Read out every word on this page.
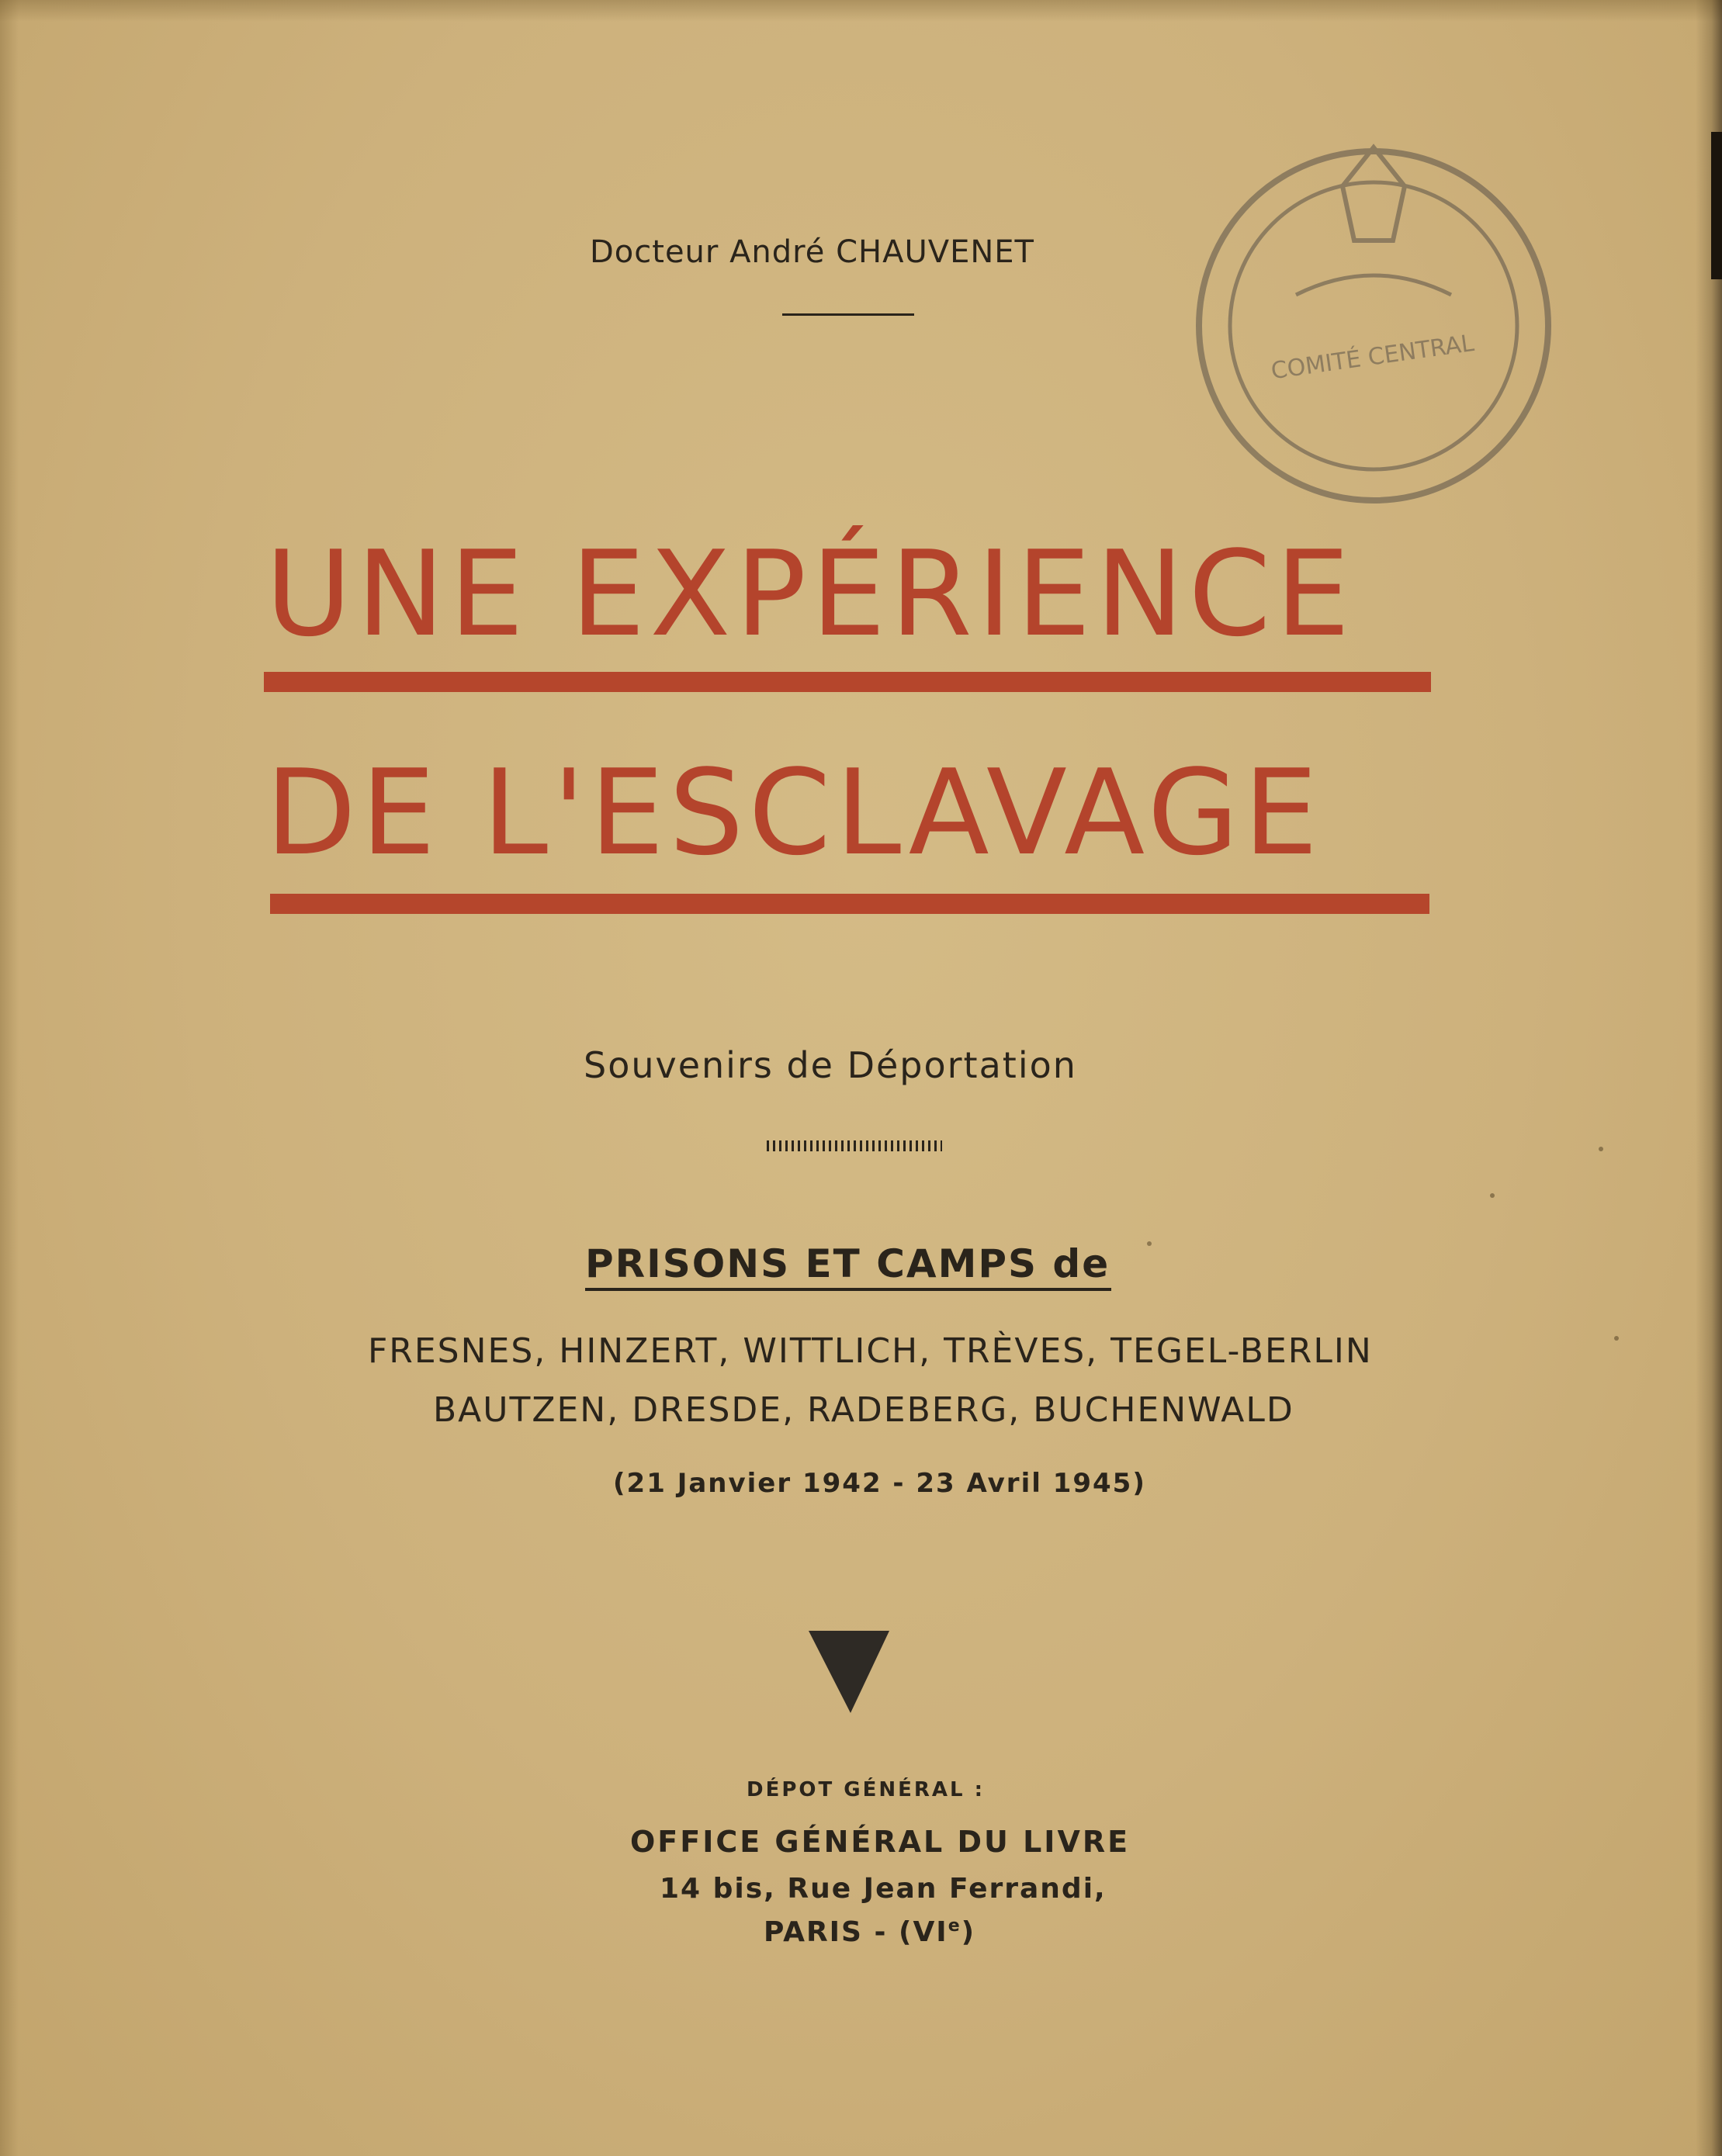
COMITÉ CENTRAL
Docteur André CHAUVENET
UNE EXPÉRIENCE
DE L'ESCLAVAGE
Souvenirs de Déportation
PRISONS ET CAMPS de
FRESNES, HINZERT, WITTLICH, TRÈVES, TEGEL-BERLIN
BAUTZEN, DRESDE, RADEBERG, BUCHENWALD
(21 Janvier 1942 - 23 Avril 1945)
DÉPOT GÉNÉRAL :
OFFICE GÉNÉRAL DU LIVRE
14 bis, Rue Jean Ferrandi,
PARIS - (VIe)
